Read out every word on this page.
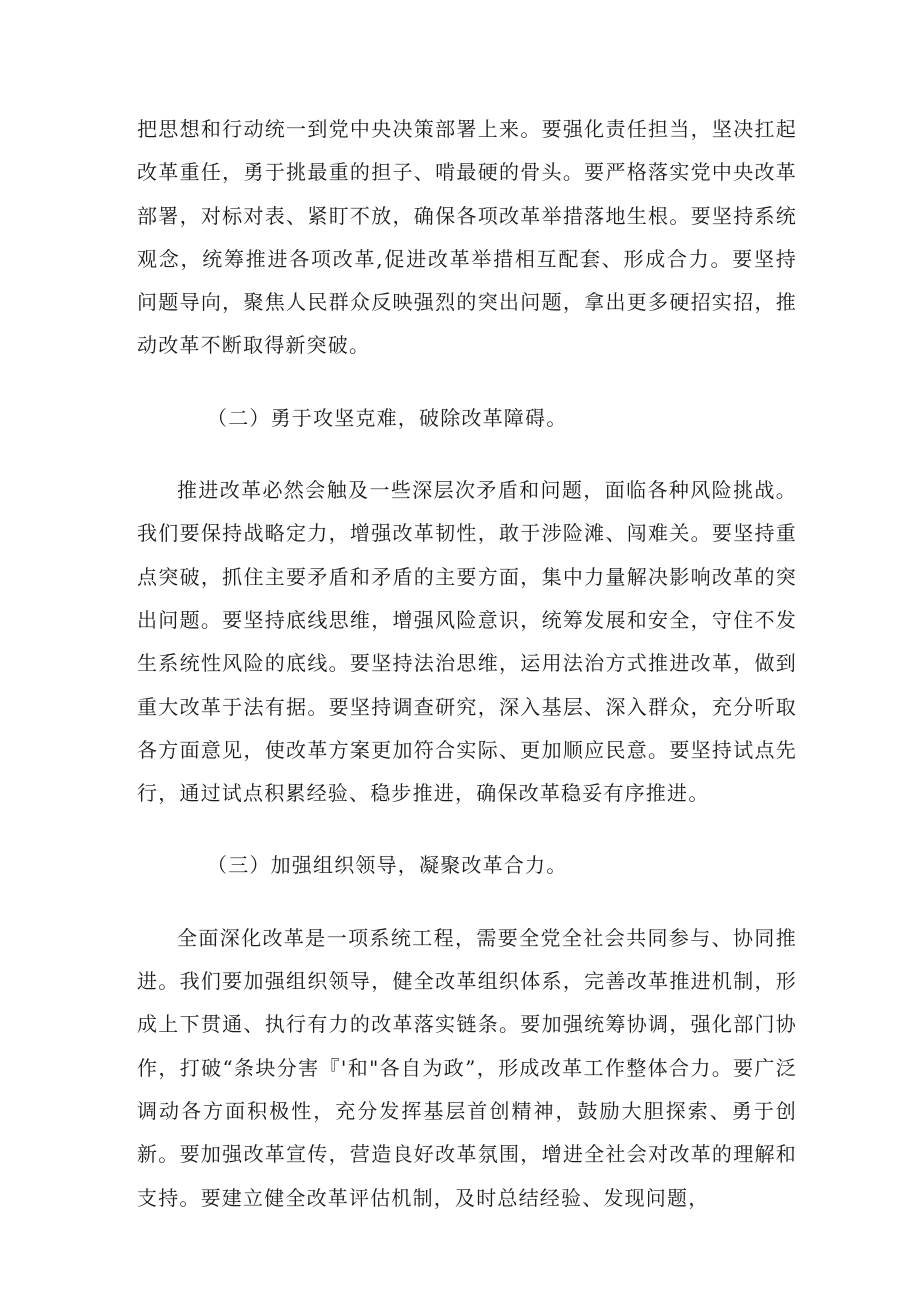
把思想和行动统一到党中央决策部署上来。要强化责任担当，坚决扛起改革重任，勇于挑最重的担子、啃最硬的骨头。要严格落实党中央改革部署，对标对表、紧盯不放，确保各项改革举措落地生根。要坚持系统观念，统筹推进各项改革,促进改革举措相互配套、形成合力。要坚持问题导向，聚焦人民群众反映强烈的突出问题，拿出更多硬招实招，推动改革不断取得新突破。

（二）勇于攻坚克难，破除改革障碍。

推进改革必然会触及一些深层次矛盾和问题，面临各种风险挑战。我们要保持战略定力，增强改革韧性，敢于涉险滩、闯难关。要坚持重点突破，抓住主要矛盾和矛盾的主要方面，集中力量解决影响改革的突出问题。要坚持底线思维，增强风险意识，统筹发展和安全，守住不发生系统性风险的底线。要坚持法治思维，运用法治方式推进改革，做到重大改革于法有据。要坚持调查研究，深入基层、深入群众，充分听取各方面意见，使改革方案更加符合实际、更加顺应民意。要坚持试点先行，通过试点积累经验、稳步推进，确保改革稳妥有序推进。

（三）加强组织领导，凝聚改革合力。

全面深化改革是一项系统工程，需要全党全社会共同参与、协同推进。我们要加强组织领导，健全改革组织体系，完善改革推进机制，形成上下贯通、执行有力的改革落实链条。要加强统筹协调，强化部门协作，打破“条块分害『'和"各自为政”，形成改革工作整体合力。要广泛调动各方面积极性，充分发挥基层首创精神，鼓励大胆探索、勇于创新。要加强改革宣传，营造良好改革氛围，增进全社会对改革的理解和支持。要建立健全改革评估机制，及时总结经验、发现问题，
